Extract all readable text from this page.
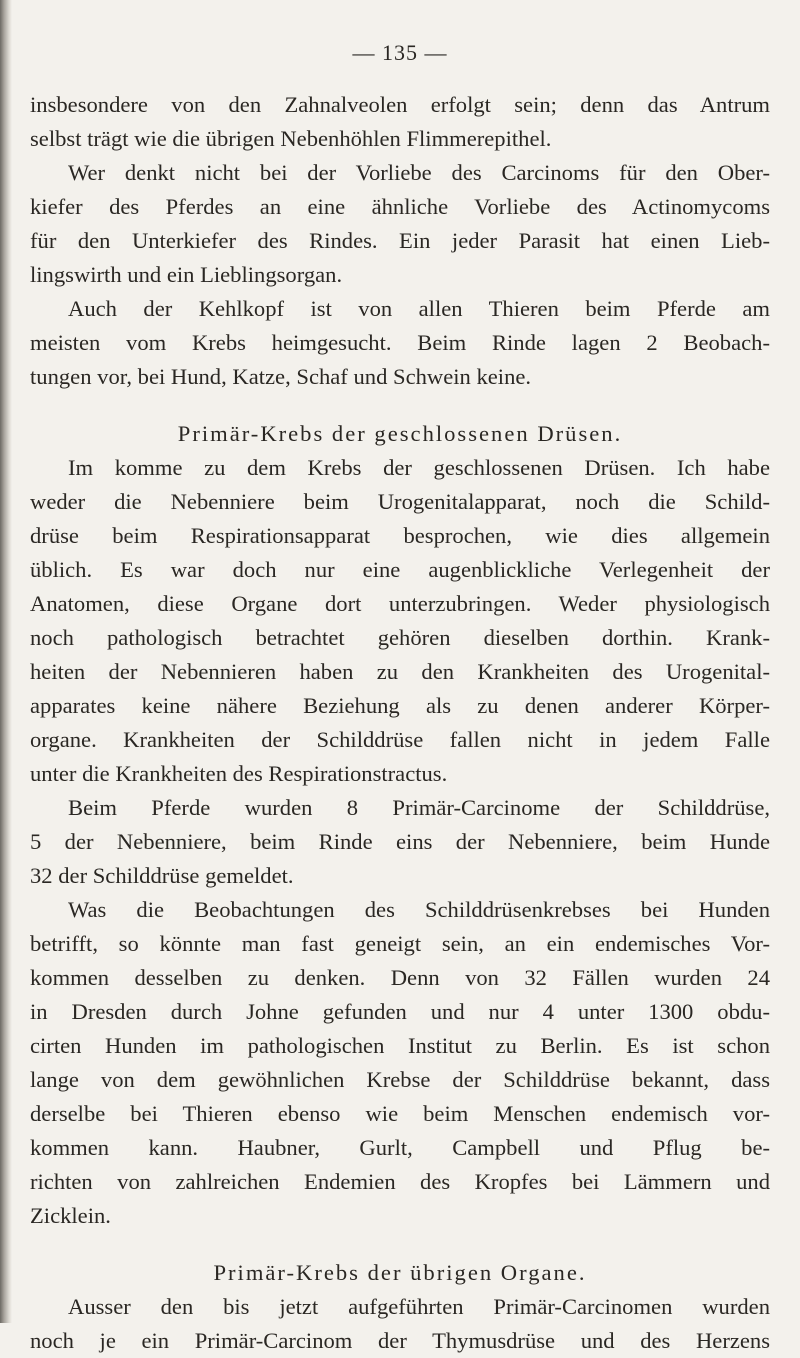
— 135 —
insbesondere von den Zahnalveolen erfolgt sein; denn das Antrum
selbst trägt wie die übrigen Nebenhöhlen Flimmerepithel.
Wer denkt nicht bei der Vorliebe des Carcinoms für den Ober-
kiefer des Pferdes an eine ähnliche Vorliebe des Actinomycoms
für den Unterkiefer des Rindes. Ein jeder Parasit hat einen Lieb-
lingswirth und ein Lieblingsorgan.
Auch der Kehlkopf ist von allen Thieren beim Pferde am
meisten vom Krebs heimgesucht. Beim Rinde lagen 2 Beobach-
tungen vor, bei Hund, Katze, Schaf und Schwein keine.
Primär-Krebs der geschlossenen Drüsen.
Im komme zu dem Krebs der geschlossenen Drüsen. Ich habe
weder die Nebenniere beim Urogenitalapparat, noch die Schild-
drüse beim Respirationsapparat besprochen, wie dies allgemein
üblich. Es war doch nur eine augenblickliche Verlegenheit der
Anatomen, diese Organe dort unterzubringen. Weder physiologisch
noch pathologisch betrachtet gehören dieselben dorthin. Krank-
heiten der Nebennieren haben zu den Krankheiten des Urogenital-
apparates keine nähere Beziehung als zu denen anderer Körper-
organe. Krankheiten der Schilddrüse fallen nicht in jedem Falle
unter die Krankheiten des Respirationstractus.
Beim Pferde wurden 8 Primär-Carcinome der Schilddrüse,
5 der Nebenniere, beim Rinde eins der Nebenniere, beim Hunde
32 der Schilddrüse gemeldet.
Was die Beobachtungen des Schilddrüsenkrebses bei Hunden
betrifft, so könnte man fast geneigt sein, an ein endemisches Vor-
kommen desselben zu denken. Denn von 32 Fällen wurden 24
in Dresden durch Johne gefunden und nur 4 unter 1300 obdu-
cirten Hunden im pathologischen Institut zu Berlin. Es ist schon
lange von dem gewöhnlichen Krebse der Schilddrüse bekannt, dass
derselbe bei Thieren ebenso wie beim Menschen endemisch vor-
kommen kann. Haubner, Gurlt, Campbell und Pflug be-
richten von zahlreichen Endemien des Kropfes bei Lämmern und
Zicklein.
Primär-Krebs der übrigen Organe.
Ausser den bis jetzt aufgeführten Primär-Carcinomen wurden
noch je ein Primär-Carcinom der Thymusdrüse und des Herzens
